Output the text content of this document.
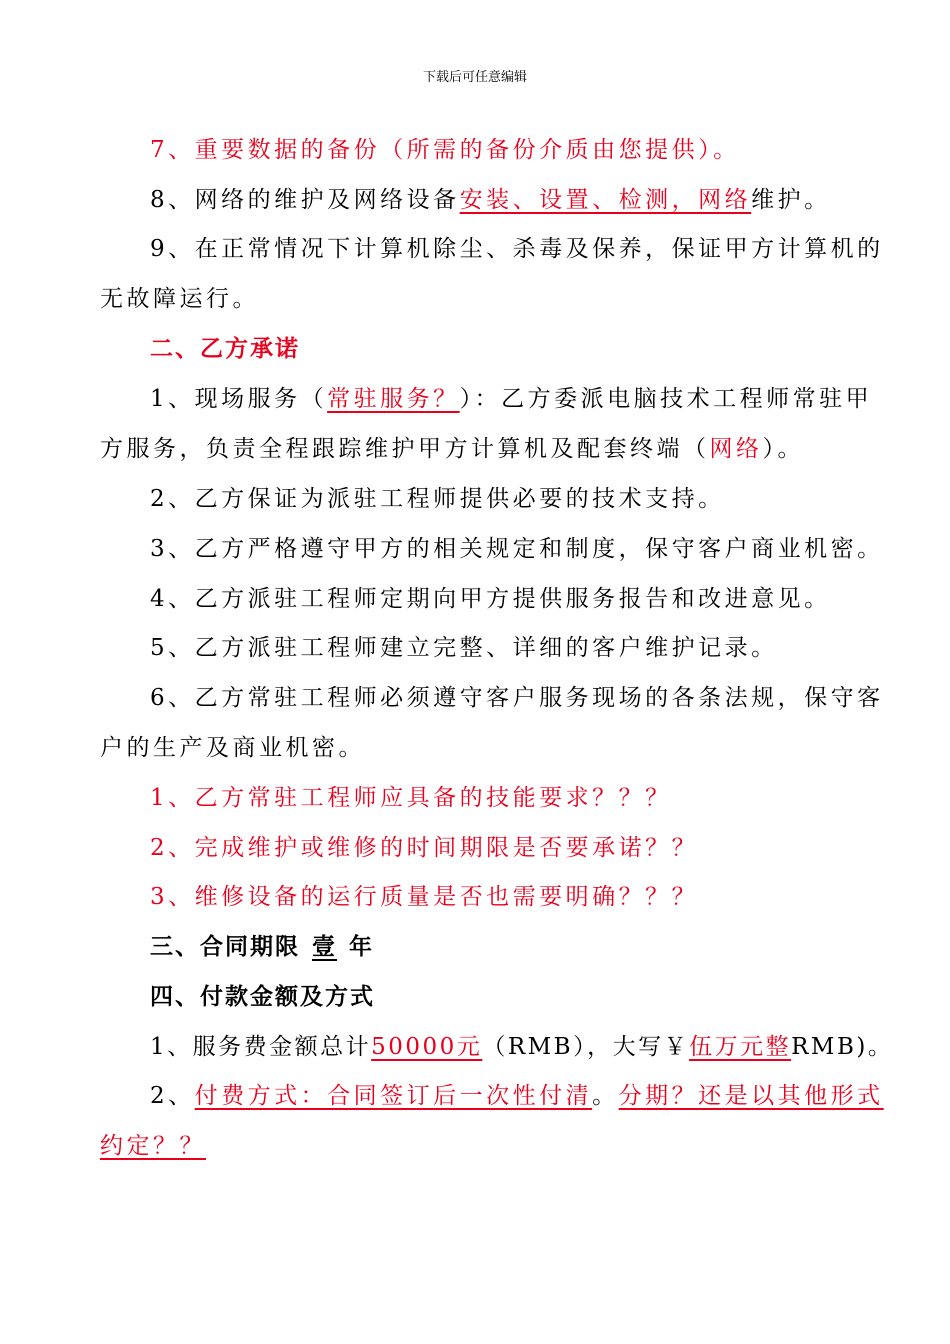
下载后可任意编辑
7、重要数据的备份（所需的备份介质由您提供）。
8、网络的维护及网络设备安装、设置、检测，网络维护。
9、在正常情况下计算机除尘、杀毒及保养，保证甲方计算机的
无故障运行。
二、乙方承诺
1、现场服务（常驻服务？）：乙方委派电脑技术工程师常驻甲
方服务，负责全程跟踪维护甲方计算机及配套终端（网络）。
2、乙方保证为派驻工程师提供必要的技术支持。
3、乙方严格遵守甲方的相关规定和制度，保守客户商业机密。
4、乙方派驻工程师定期向甲方提供服务报告和改进意见。
5、乙方派驻工程师建立完整、详细的客户维护记录。
6、乙方常驻工程师必须遵守客户服务现场的各条法规，保守客
户的生产及商业机密。
1、乙方常驻工程师应具备的技能要求？？？
2、完成维护或维修的时间期限是否要承诺？？
3、维修设备的运行质量是否也需要明确？？？
三、合同期限 壹 年
四、付款金额及方式
1、服务费金额总计50000元（RMB），大写￥伍万元整RMB)。
2、付费方式：合同签订后一次性付清。分期？还是以其他形式
约定？？
